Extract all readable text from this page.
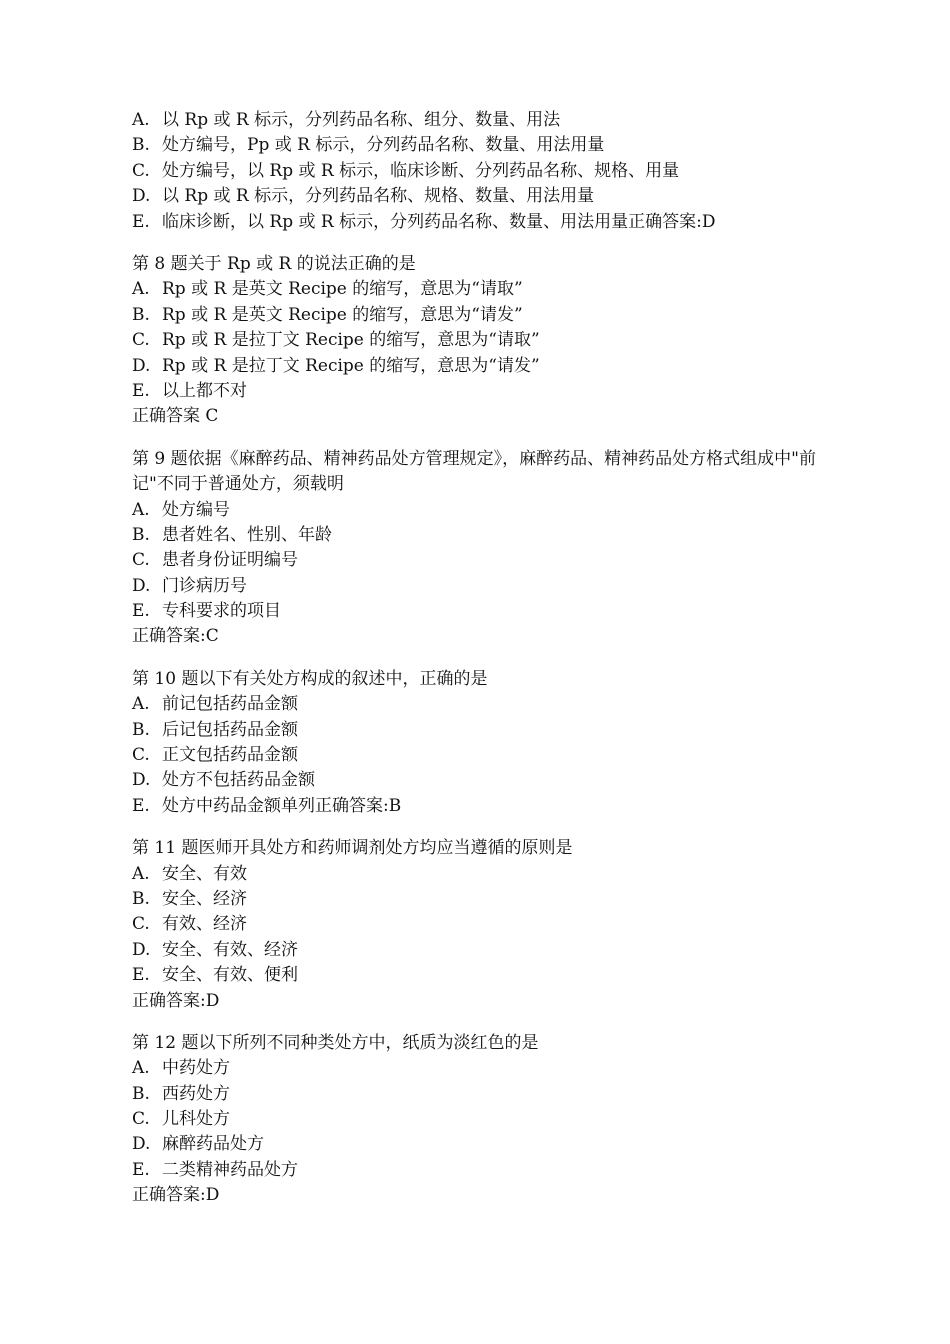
A. 以 Rp 或 R 标示，分列药品名称、组分、数量、用法
B. 处方编号，Pp 或 R 标示，分列药品名称、数量、用法用量
C. 处方编号，以 Rp 或 R 标示，临床诊断、分列药品名称、规格、用量
D. 以 Rp 或 R 标示，分列药品名称、规格、数量、用法用量
E. 临床诊断，以 Rp 或 R 标示，分列药品名称、数量、用法用量正确答案:D
第 8 题关于 Rp 或 R 的说法正确的是
A. Rp 或 R 是英文 Recipe 的缩写，意思为“请取”
B. Rp 或 R 是英文 Recipe 的缩写，意思为“请发”
C. Rp 或 R 是拉丁文 Recipe 的缩写，意思为“请取”
D. Rp 或 R 是拉丁文 Recipe 的缩写，意思为“请发”
E. 以上都不对
正确答案 C
第 9 题依据《麻醉药品、精神药品处方管理规定》，麻醉药品、精神药品处方格式组成中"前记"不同于普通处方，须载明
A. 处方编号
B. 患者姓名、性别、年龄
C. 患者身份证明编号
D. 门诊病历号
E. 专科要求的项目
正确答案:C
第 10 题以下有关处方构成的叙述中，正确的是
A. 前记包括药品金额
B. 后记包括药品金额
C. 正文包括药品金额
D. 处方不包括药品金额
E. 处方中药品金额单列正确答案:B
第 11 题医师开具处方和药师调剂处方均应当遵循的原则是
A. 安全、有效
B. 安全、经济
C. 有效、经济
D. 安全、有效、经济
E. 安全、有效、便利
正确答案:D
第 12 题以下所列不同种类处方中，纸质为淡红色的是
A. 中药处方
B. 西药处方
C. 儿科处方
D. 麻醉药品处方
E. 二类精神药品处方
正确答案:D
